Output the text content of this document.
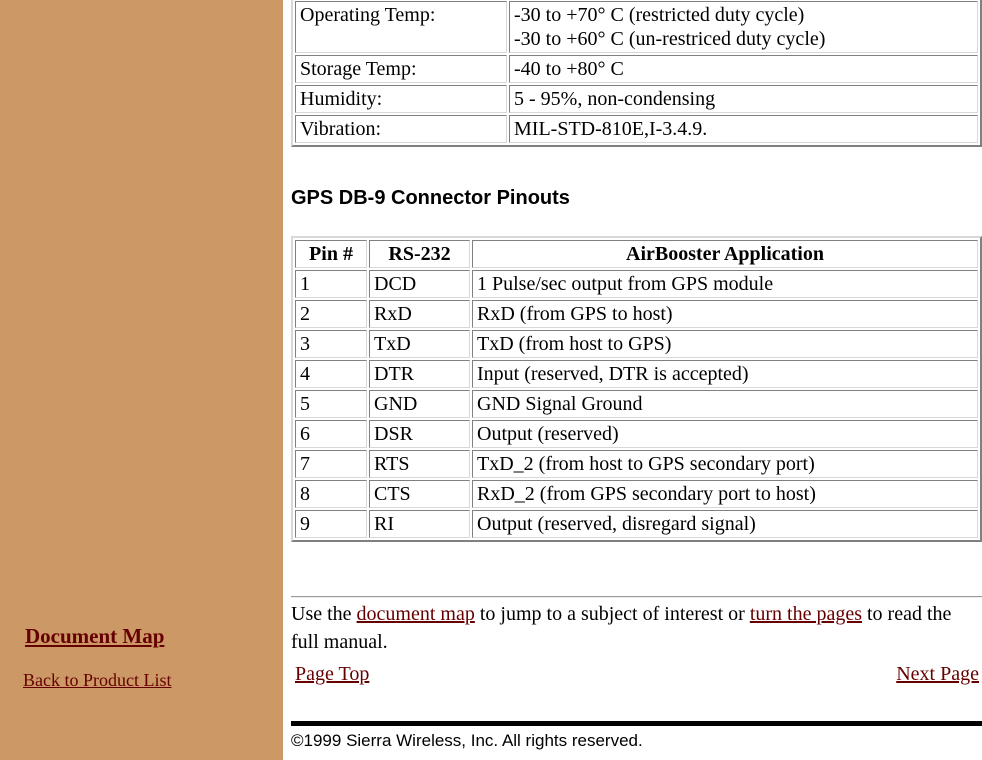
Document Map
Back to Product List
Operating Temp:	-30 to +70° C (restricted duty cycle)
-30 to +60° C (un-restriced duty cycle)

Storage Temp:	-40 to +80° C

Humidity:	5 - 95%, non-condensing

Vibration:	MIL-STD-810E,I-3.4.9.
GPS DB-9 Connector Pinouts
Pin #	RS-232	AirBooster Application
1	DCD	1 Pulse/sec output from GPS module
2	RxD	RxD (from GPS to host)
3	TxD	TxD (from host to GPS)
4	DTR	Input (reserved, DTR is accepted)
5	GND	GND Signal Ground
6	DSR	Output (reserved)
7	RTS	TxD_2 (from host to GPS secondary port)
8	CTS	RxD_2 (from GPS secondary port to host)
9	RI	Output (reserved, disregard signal)
Use the document map to jump to a subject of interest or turn the pages to read the full manual.
Page Top	Next Page
©1999 Sierra Wireless, Inc. All rights reserved.
